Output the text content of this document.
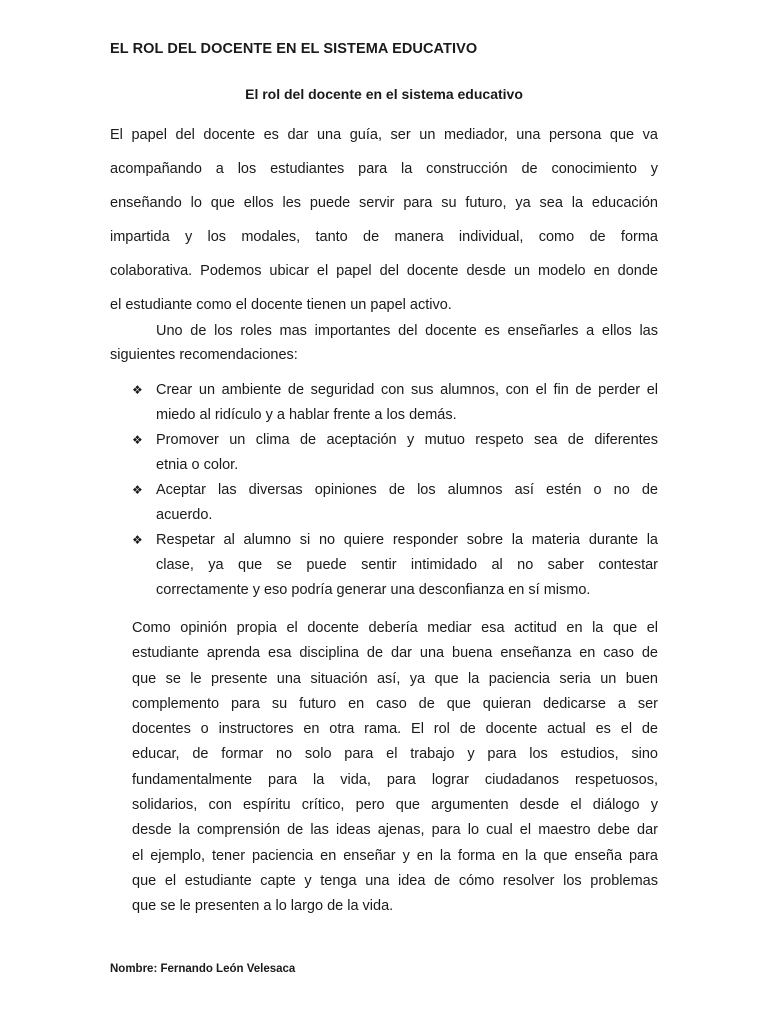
EL ROL DEL DOCENTE EN EL SISTEMA EDUCATIVO
El rol del docente en el sistema educativo
El papel del docente es dar una guía, ser un mediador, una persona que va
acompañando a los estudiantes para la construcción de conocimiento y
enseñando lo que ellos les puede servir para su futuro, ya sea la educación
impartida y los modales, tanto de manera individual, como de forma
colaborativa. Podemos ubicar el papel del docente desde un modelo en donde
el estudiante como el docente tienen un papel activo.
Uno de los roles mas importantes del docente es enseñarles a ellos las
siguientes recomendaciones:
❖ Crear un ambiente de seguridad con sus alumnos, con el fin de perder el
miedo al ridículo y a hablar frente a los demás.
❖ Promover un clima de aceptación y mutuo respeto sea de diferentes
etnia o color.
❖ Aceptar las diversas opiniones de los alumnos así estén o no de
acuerdo.
❖ Respetar al alumno si no quiere responder sobre la materia durante la
clase, ya que se puede sentir intimidado al no saber contestar
correctamente y eso podría generar una desconfianza en sí mismo.
Como opinión propia el docente debería mediar esa actitud en la que el
estudiante aprenda esa disciplina de dar una buena enseñanza en caso de
que se le presente una situación así, ya que la paciencia seria un buen
complemento para su futuro en caso de que quieran dedicarse a ser
docentes o instructores en otra rama. El rol de docente actual es el de
educar, de formar no solo para el trabajo y para los estudios, sino
fundamentalmente para la vida, para lograr ciudadanos respetuosos,
solidarios, con espíritu crítico, pero que argumenten desde el diálogo y
desde la comprensión de las ideas ajenas, para lo cual el maestro debe dar
el ejemplo, tener paciencia en enseñar y en la forma en la que enseña para
que el estudiante capte y tenga una idea de cómo resolver los problemas
que se le presenten a lo largo de la vida.
Nombre: Fernando León Velesaca
